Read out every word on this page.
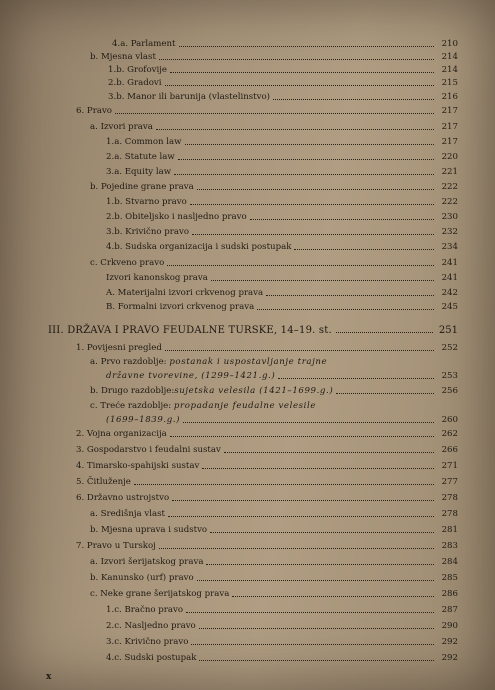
4.a. Parlament	210
b. Mjesna vlast	214
1.b. Grofovije	214
2.b. Gradovi	215
3.b. Manor ili barunija (vlastelinstvo)	216
6. Pravo	217
a. Izvori prava	217
1.a. Common law	217
2.a. Statute law	220
3.a. Equity law	221
b. Pojedine grane prava	222
1.b. Stvarno pravo	222
2.b. Obiteljsko i nasljedno pravo	230
3.b. Krivično pravo	232
4.b. Sudska organizacija i sudski postupak	234
c. Crkveno pravo	241
Izvori kanonskog prava	241
A. Materijalni izvori crkvenog prava	242
B. Formalni izvori crkvenog prava	245
III. DRŽAVA I PRAVO FEUDALNE TURSKE, 14–19. st.	251
1. Povijesni pregled	252
a. Prvo razdoblje: postanak i uspostavljanje trajne
državne tvorevine, (1299–1421.g.)	253
b. Drugo razdoblje: sujetska velesila (1421–1699.g.)	256
c. Treće razdoblje: propadanje feudalne velesile
(1699–1839.g.)	260
2. Vojna organizacija	262
3. Gospodarstvo i feudalni sustav	266
4. Timarsko-spahijski sustav	271
5. Čitluženje	277
6. Državno ustrojstvo	278
a. Središnja vlast	278
b. Mjesna uprava i sudstvo	281
7. Pravo u Turskoj	283
a. Izvori šerijatskog prava	284
b. Kanunsko (urf) pravo	285
c. Neke grane šerijatskog prava	286
1.c. Bračno pravo	287
2.c. Nasljedno pravo	290
3.c. Krivično pravo	292
4.c. Sudski postupak	292
x
